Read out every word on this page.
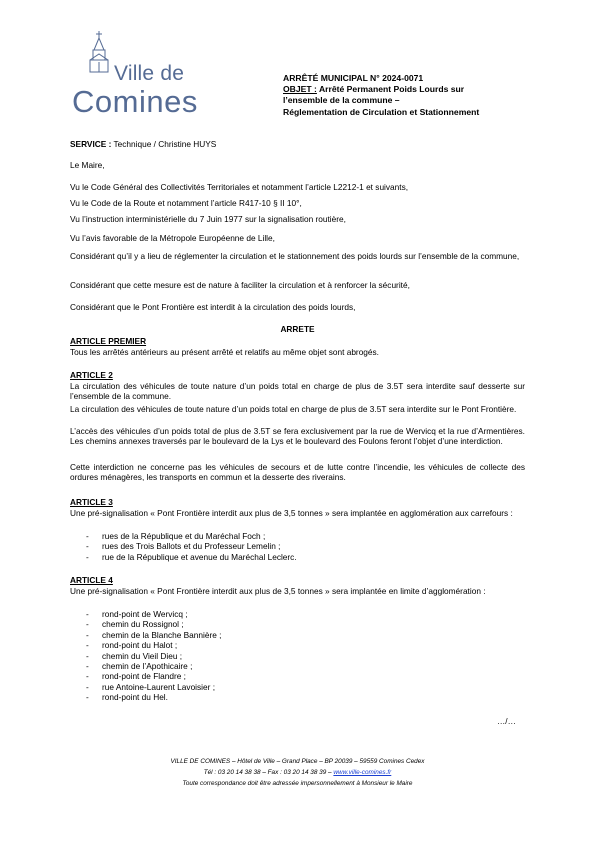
Ville de
Comines
ARRÊTÉ MUNICIPAL N° 2024-0071
OBJET : Arrêté Permanent Poids Lourds sur
l’ensemble de la commune –
Réglementation de Circulation et Stationnement
SERVICE : Technique / Christine HUYS
Le Maire,
Vu le Code Général des Collectivités Territoriales et notamment l’article L2212-1 et suivants,
Vu le Code de la Route et notamment l’article R417-10 § II 10°,
Vu l’instruction interministérielle du 7 Juin 1977 sur la signalisation routière,
Vu l’avis favorable de la Métropole Européenne de Lille,
Considérant qu’il y a lieu de réglementer la circulation et le stationnement des poids lourds sur l’ensemble de la commune,
Considérant que cette mesure est de nature à faciliter la circulation et à renforcer la sécurité,
Considérant que le Pont Frontière est interdit à la circulation des poids lourds,
ARRETE
ARTICLE PREMIER
Tous les arrêtés antérieurs au présent arrêté et relatifs au même objet sont abrogés.
ARTICLE 2
La circulation des véhicules de toute nature d’un poids total en charge de plus de 3.5T sera interdite sauf desserte sur l’ensemble de la commune.
La circulation des véhicules de toute nature d’un poids total en charge de plus de 3.5T sera interdite sur le Pont Frontière.
L’accès des véhicules d’un poids total de plus de 3.5T se fera exclusivement par la rue de Wervicq et la rue d’Armentières. Les chemins annexes traversés par le boulevard de la Lys et le boulevard des Foulons feront l’objet d’une interdiction.
Cette interdiction ne concerne pas les véhicules de secours et de lutte contre l’incendie, les véhicules de collecte des ordures ménagères, les transports en commun et la desserte des riverains.
ARTICLE 3
Une pré-signalisation « Pont Frontière interdit aux plus de 3,5 tonnes » sera implantée en agglomération aux carrefours :
- rues de la République et du Maréchal Foch ;
- rues des Trois Ballots et du Professeur Lemelin ;
- rue de la République et avenue du Maréchal Leclerc.
ARTICLE 4
Une pré-signalisation « Pont Frontière interdit aux plus de 3,5 tonnes » sera implantée en limite d’agglomération :
- rond-point de Wervicq ;
- chemin du Rossignol ;
- chemin de la Blanche Bannière ;
- rond-point du Halot ;
- chemin du Vieil Dieu ;
- chemin de l’Apothicaire ;
- rond-point de Flandre ;
- rue Antoine-Laurent Lavoisier ;
- rond-point du Hel.
…/…
VILLE DE COMINES – Hôtel de Ville – Grand Place – BP 20039 – 59559 Comines Cedex
Tél : 03 20 14 38 38 – Fax : 03 20 14 38 39 – www.ville-comines.fr
Toute correspondance doit être adressée impersonnellement à Monsieur le Maire
